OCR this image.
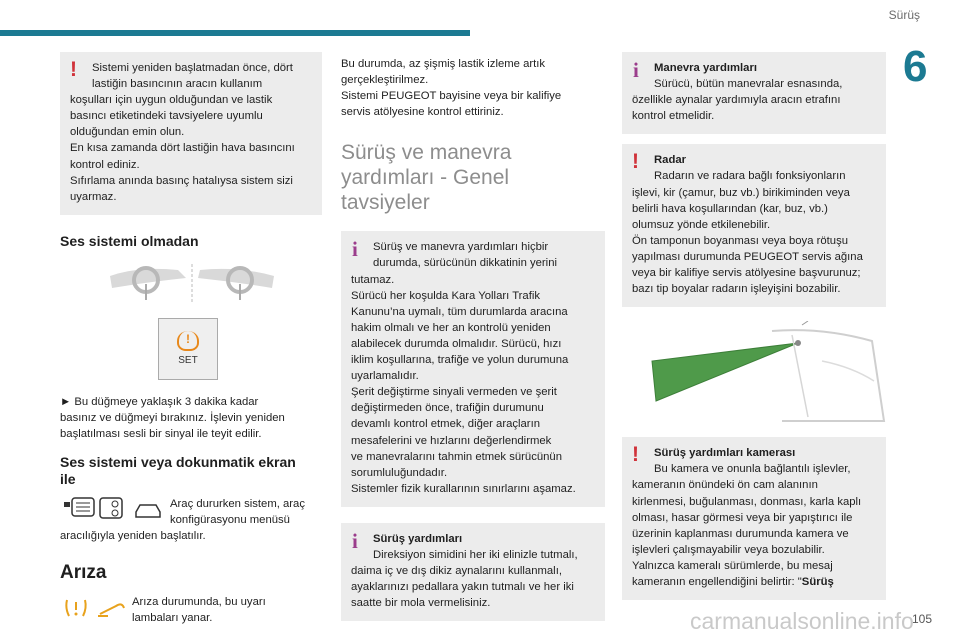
Sürüş
6
105
carmanualsonline.info
!	Sistemi yeniden başlatmadan önce, dört
lastiğin basıncının aracın kullanım
koşulları için uygun olduğundan ve lastik
basıncı etiketindeki tavsiyelere uyumlu
olduğundan emin olun.
En kısa zamanda dört lastiğin hava basıncını
kontrol ediniz.
Sıfırlama anında basınç hatalıysa sistem sizi
uyarmaz.
Ses sistemi olmadan
!
SET
► Bu düğmeye yaklaşık 3 dakika kadar
basınız ve düğmeyi bırakınız. İşlevin yeniden
başlatılması sesli bir sinyal ile teyit edilir.
Ses sistemi veya dokunmatik ekran ile
Araç dururken sistem, araç
konfigürasyonu menüsü
aracılığıyla yeniden başlatılır.
Arıza
Arıza durumunda, bu uyarı
lambaları yanar.
Bu durumda, az şişmiş lastik izleme artık
gerçekleştirilmez.
Sistemi PEUGEOT bayisine veya bir kalifiye
servis atölyesine kontrol ettiriniz.
Sürüş ve manevra
yardımları - Genel
tavsiyeler
i	Sürüş ve manevra yardımları hiçbir
durumda, sürücünün dikkatinin yerini
tutamaz.
Sürücü her koşulda Kara Yolları Trafik
Kanunu’na uymalı, tüm durumlarda aracına
hakim olmalı ve her an kontrolü yeniden
alabilecek durumda olmalıdır. Sürücü, hızı
iklim koşullarına, trafiğe ve yolun durumuna
uyarlamalıdır.
Şerit değiştirme sinyali vermeden ve şerit
değiştirmeden önce, trafiğin durumunu
devamlı kontrol etmek, diğer araçların
mesafelerini ve hızlarını değerlendirmek
ve manevralarını tahmin etmek sürücünün
sorumluluğundadır.
Sistemler fizik kurallarının sınırlarını aşamaz.
i	Sürüş yardımları
Direksiyon simidini her iki elinizle tutmalı,
daima iç ve dış dikiz aynalarını kullanmalı,
ayaklarınızı pedallara yakın tutmalı ve her iki
saatte bir mola vermelisiniz.
i	Manevra yardımları
Sürücü, bütün manevralar esnasında,
özellikle aynalar yardımıyla aracın etrafını
kontrol etmelidir.
!	Radar
Radarın ve radara bağlı fonksiyonların
işlevi, kir (çamur, buz vb.) birikiminden veya
belirli hava koşullarından (kar, buz, vb.)
olumsuz yönde etkilenebilir.
Ön tamponun boyanması veya boya rötuşu
yapılması durumunda PEUGEOT servis ağına
veya bir kalifiye servis atölyesine başvurunuz;
bazı tip boyalar radarın işleyişini bozabilir.
!	Sürüş yardımları kamerası
Bu kamera ve onunla bağlantılı işlevler,
kameranın önündeki ön cam alanının
kirlenmesi, buğulanması, donması, karla kaplı
olması, hasar görmesi veya bir yapıştırıcı ile
üzerinin kaplanması durumunda kamera ve
işlevleri çalışmayabilir veya bozulabilir.
Yalnızca kameralı sürümlerde, bu mesaj
kameranın engellendiğini belirtir: "Sürüş
